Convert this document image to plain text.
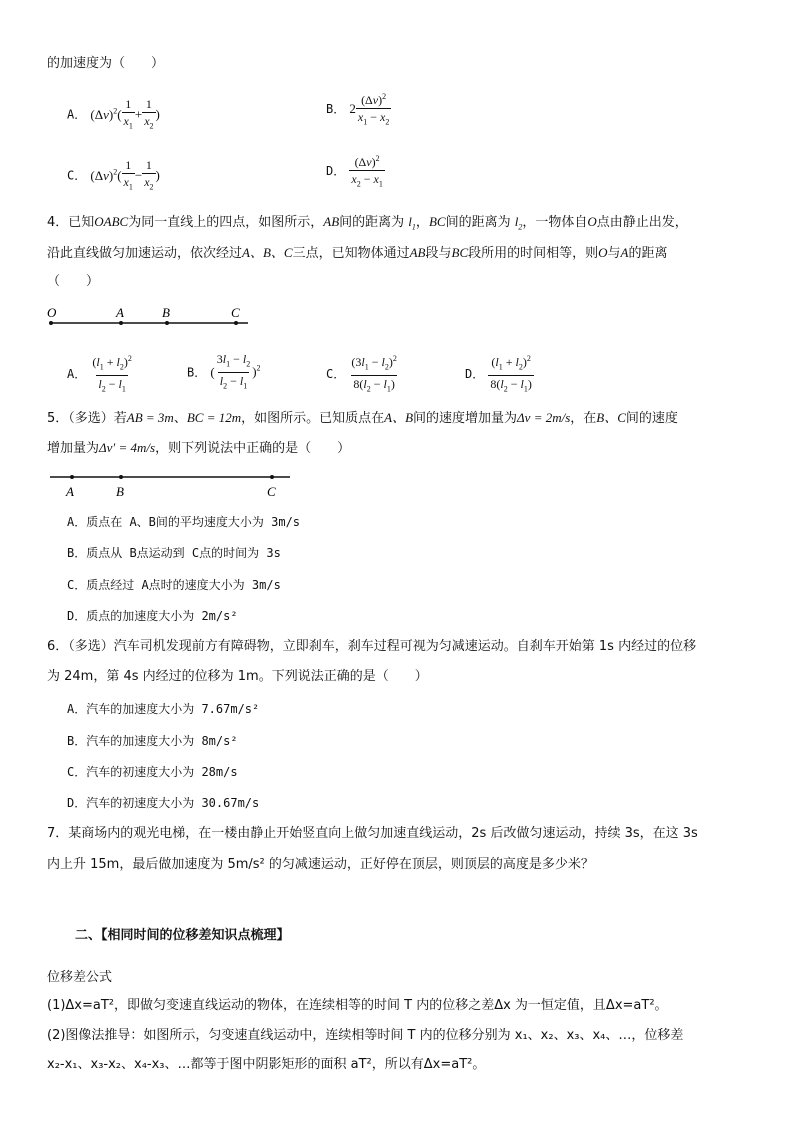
的加速度为（　　）
A． $(\Delta v)^2( \frac{1}{x_1} + \frac{1}{x_2}$ )	B． $2 \frac{(\Delta v)^2}{x_1 - x_2}$
C． $(\Delta v)^2( \frac{1}{x_1} - \frac{1}{x_2}$ )	D． $\frac{(\Delta v)^2}{x_2 - x_1}$
4．已知OABC为同一直线上的四点，如图所示，AB间的距离为 $l_1$，BC间的距离为 $l_2$，一物体自O点由静止出发，
沿此直线做匀加速运动，依次经过A、B、C三点，已知物体通过AB段与BC段所用的时间相等，则O与A的距离
（　　）
O	A	B	C
A． $\frac{(l_1 + l_2)^2}{l_2 - l_1}$	B． ( $\frac{3l_1 - l_2}{l_2 - l_1} )^2$	C． $\frac{(3l_1 - l_2)^2}{8(l_2 - l_1)}$	D． $\frac{(l_1 + l_2)^2}{8(l_2 - l_1)}$
5．（多选）若AB = 3m、BC = 12m，如图所示。已知质点在A、B间的速度增加量为Δv = 2m/s，在B、C间的速度
增加量为Δv′ = 4m/s，则下列说法中正确的是（　　）
A	B	C
A．质点在 A、B间的平均速度大小为 3m/s
B．质点从 B点运动到 C点的时间为 3s
C．质点经过 A点时的速度大小为 3m/s
D．质点的加速度大小为 2m/s²
6．（多选）汽车司机发现前方有障碍物，立即刹车，刹车过程可视为匀减速运动。自刹车开始第 1s 内经过的位移
为 24m，第 4s 内经过的位移为 1m。下列说法正确的是（　　）
A．汽车的加速度大小为 7.67m/s²
B．汽车的加速度大小为 8m/s²
C．汽车的初速度大小为 28m/s
D．汽车的初速度大小为 30.67m/s
7．某商场内的观光电梯，在一楼由静止开始竖直向上做匀加速直线运动，2s 后改做匀速运动，持续 3s，在这 3s
内上升 15m，最后做加速度为 5m/s² 的匀减速运动，正好停在顶层，则顶层的高度是多少米？
二、【相同时间的位移差知识点梳理】
位移差公式
(1)Δx=aT²，即做匀变速直线运动的物体，在连续相等的时间 T 内的位移之差Δx 为一恒定值，且Δx=aT²。
(2)图像法推导：如图所示，匀变速直线运动中，连续相等时间 T 内的位移分别为 x₁、x₂、x₃、x₄、…，位移差
x₂-x₁、x₃-x₂、x₄-x₃、…都等于图中阴影矩形的面积 aT²，所以有Δx=aT²。
